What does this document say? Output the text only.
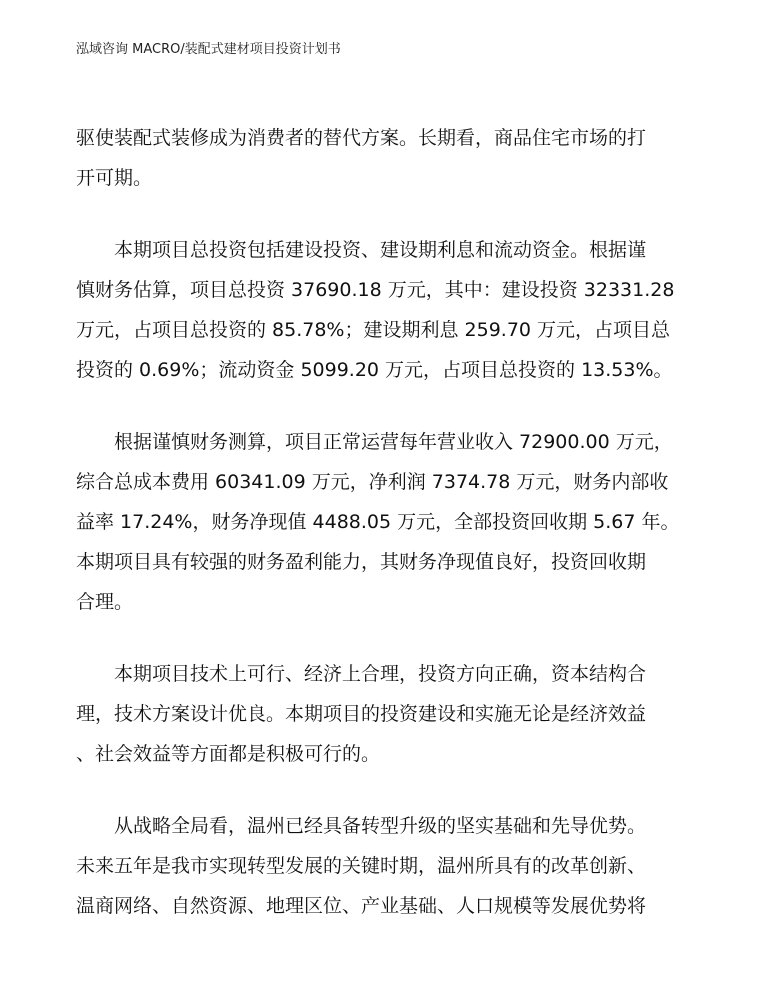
泓域咨询 MACRO/装配式建材项目投资计划书

驱使装配式装修成为消费者的替代方案。长期看，商品住宅市场的打
开可期。

本期项目总投资包括建设投资、建设期利息和流动资金。根据谨
慎财务估算，项目总投资 37690.18 万元，其中：建设投资 32331.28
万元，占项目总投资的 85.78%；建设期利息 259.70 万元，占项目总
投资的 0.69%；流动资金 5099.20 万元，占项目总投资的 13.53%。

根据谨慎财务测算，项目正常运营每年营业收入 72900.00 万元，
综合总成本费用 60341.09 万元，净利润 7374.78 万元，财务内部收
益率 17.24%，财务净现值 4488.05 万元，全部投资回收期 5.67 年。
本期项目具有较强的财务盈利能力，其财务净现值良好，投资回收期
合理。

本期项目技术上可行、经济上合理，投资方向正确，资本结构合
理，技术方案设计优良。本期项目的投资建设和实施无论是经济效益
、社会效益等方面都是积极可行的。

从战略全局看，温州已经具备转型升级的坚实基础和先导优势。
未来五年是我市实现转型发展的关键时期，温州所具有的改革创新、
温商网络、自然资源、地理区位、产业基础、人口规模等发展优势将
